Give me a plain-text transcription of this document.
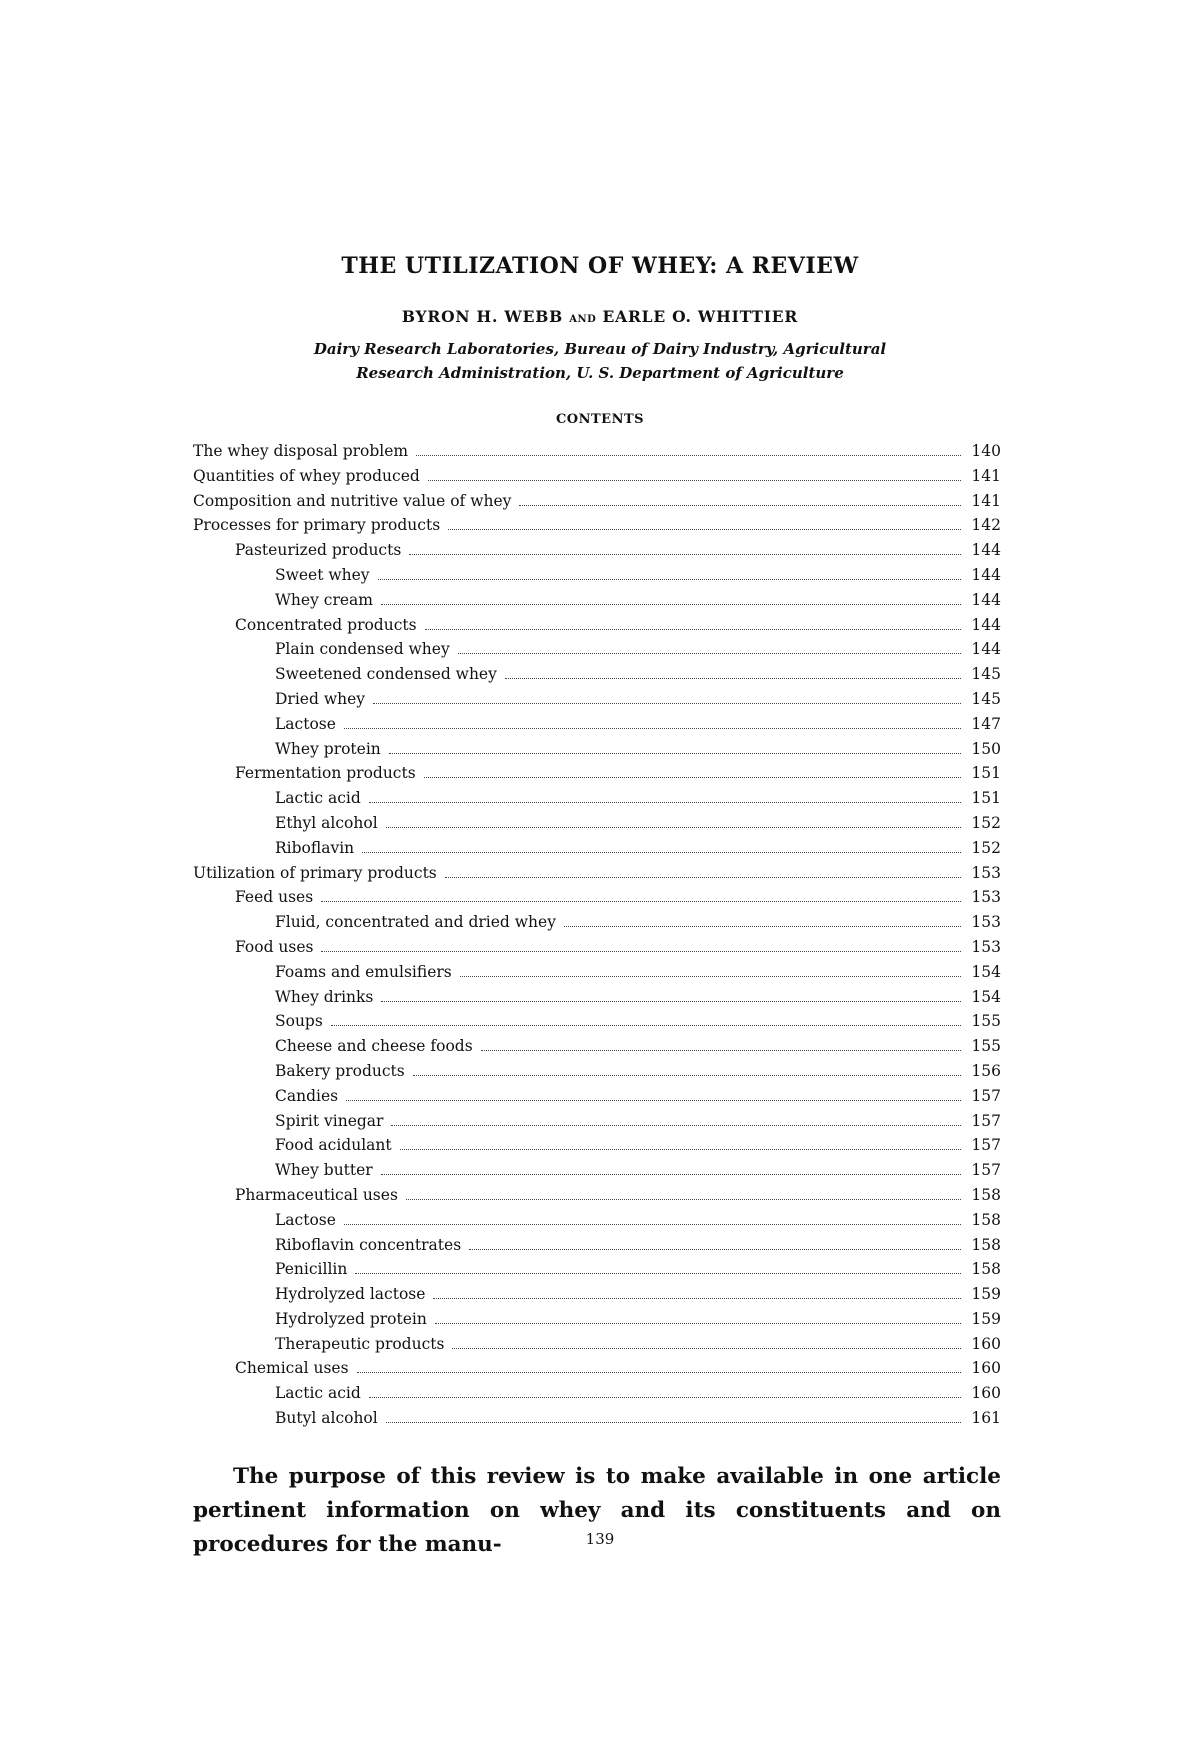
THE UTILIZATION OF WHEY: A REVIEW
BYRON H. WEBB AND EARLE O. WHITTIER
Dairy Research Laboratories, Bureau of Dairy Industry, Agricultural
Research Administration, U. S. Department of Agriculture
CONTENTS
The whey disposal problem	140
Quantities of whey produced	141
Composition and nutritive value of whey	141
Processes for primary products	142
Pasteurized products	144
Sweet whey	144
Whey cream	144
Concentrated products	144
Plain condensed whey	144
Sweetened condensed whey	145
Dried whey	145
Lactose	147
Whey protein	150
Fermentation products	151
Lactic acid	151
Ethyl alcohol	152
Riboflavin	152
Utilization of primary products	153
Feed uses	153
Fluid, concentrated and dried whey	153
Food uses	153
Foams and emulsifiers	154
Whey drinks	154
Soups	155
Cheese and cheese foods	155
Bakery products	156
Candies	157
Spirit vinegar	157
Food acidulant	157
Whey butter	157
Pharmaceutical uses	158
Lactose	158
Riboflavin concentrates	158
Penicillin	158
Hydrolyzed lactose	159
Hydrolyzed protein	159
Therapeutic products	160
Chemical uses	160
Lactic acid	160
Butyl alcohol	161

The purpose of this review is to make available in one article pertinent information on whey and its constituents and on procedures for the manu-	139
